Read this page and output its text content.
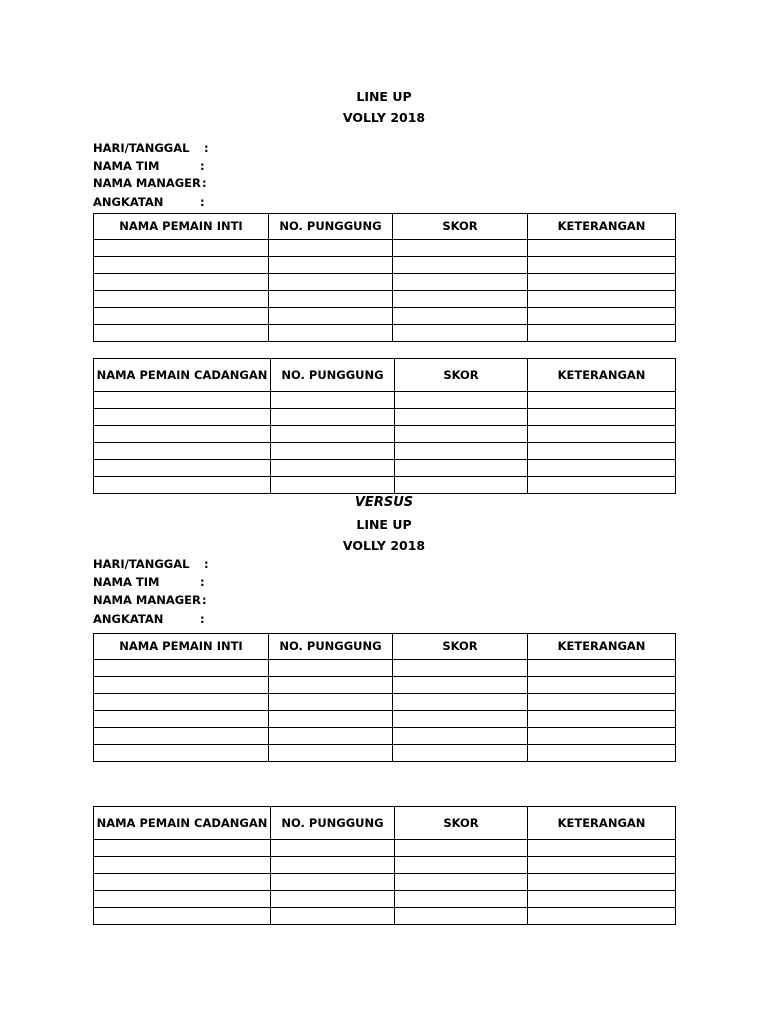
LINE UP
VOLLY 2018
HARI/TANGGAL :
NAMA TIM	:
NAMA MANAGER :
ANGKATAN	:
NAMA PEMAIN INTI	NO. PUNGGUNG	SKOR	KETERANGAN

NAMA PEMAIN CADANGAN	NO. PUNGGUNG	SKOR	KETERANGAN

VERSUS
LINE UP
VOLLY 2018
HARI/TANGGAL :
NAMA TIM	:
NAMA MANAGER :
ANGKATAN	:
NAMA PEMAIN INTI	NO. PUNGGUNG	SKOR	KETERANGAN

NAMA PEMAIN CADANGAN	NO. PUNGGUNG	SKOR	KETERANGAN
